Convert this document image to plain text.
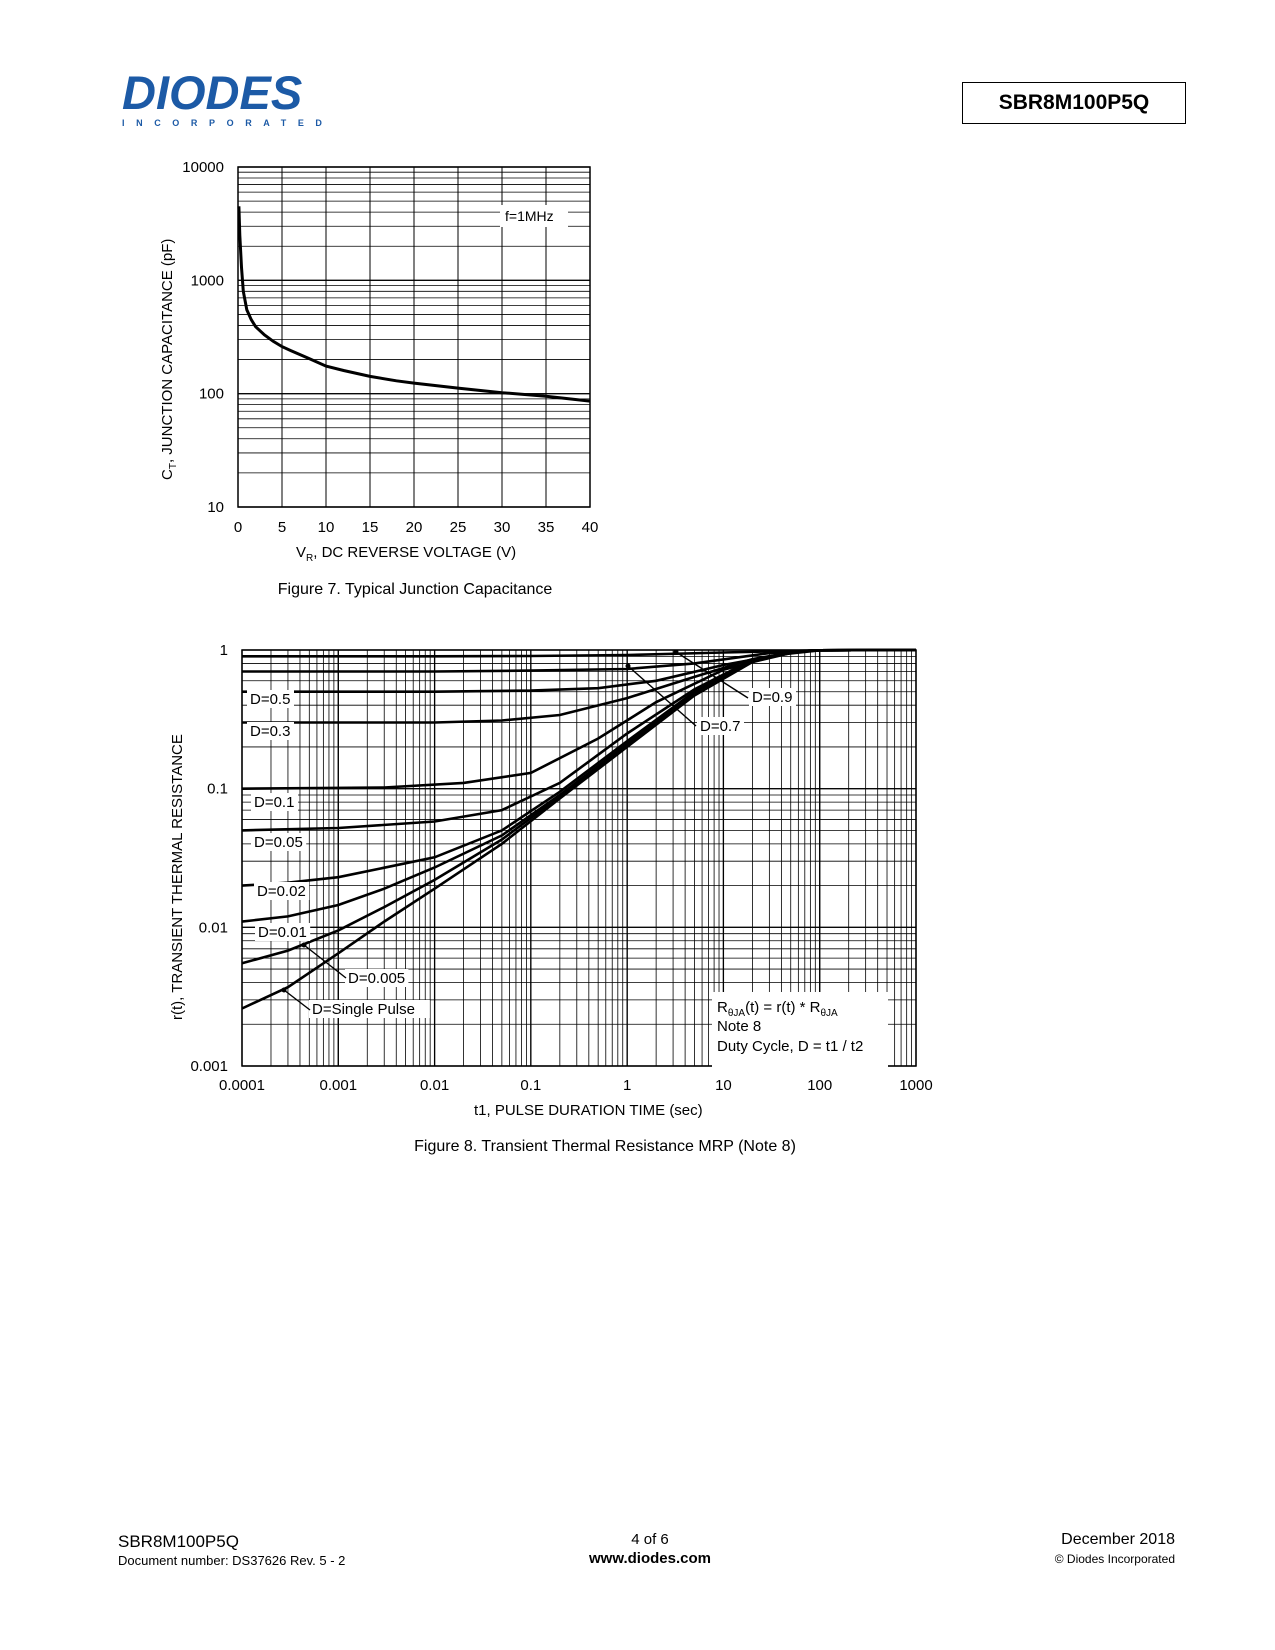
DIODES
INCORPORATED
SBR8M100P5Q
f=1MHz
0 5 10 15 20 25 30 35 40
10
100
1000
10000
$V_R$, DC REVERSE VOLTAGE (V)
$C_T$, JUNCTION CAPACITANCE (pF)
Figure 7. Typical Junction Capacitance
D=0.9
D=0.7
D=0.5
D=0.3
D=0.1
D=0.05
D=0.02
D=0.01
D=0.005
D=Single Pulse
0.0001	0.001	0.01	0.1	1	10	100	1000
0.001
0.01
0.1
1
$R_{\theta JA}(t) = r(t) * R_{\theta JA}$
Note 8
Duty Cycle, D = t1 / t2
t1, PULSE DURATION TIME (sec)
r(t), TRANSIENT THERMAL RESISTANCE
Figure 8. Transient Thermal Resistance MRP (Note 8)
SBR8M100P5Q
Document number: DS37626 Rev. 5 - 2
4 of 6
www.diodes.com
December 2018
© Diodes Incorporated
